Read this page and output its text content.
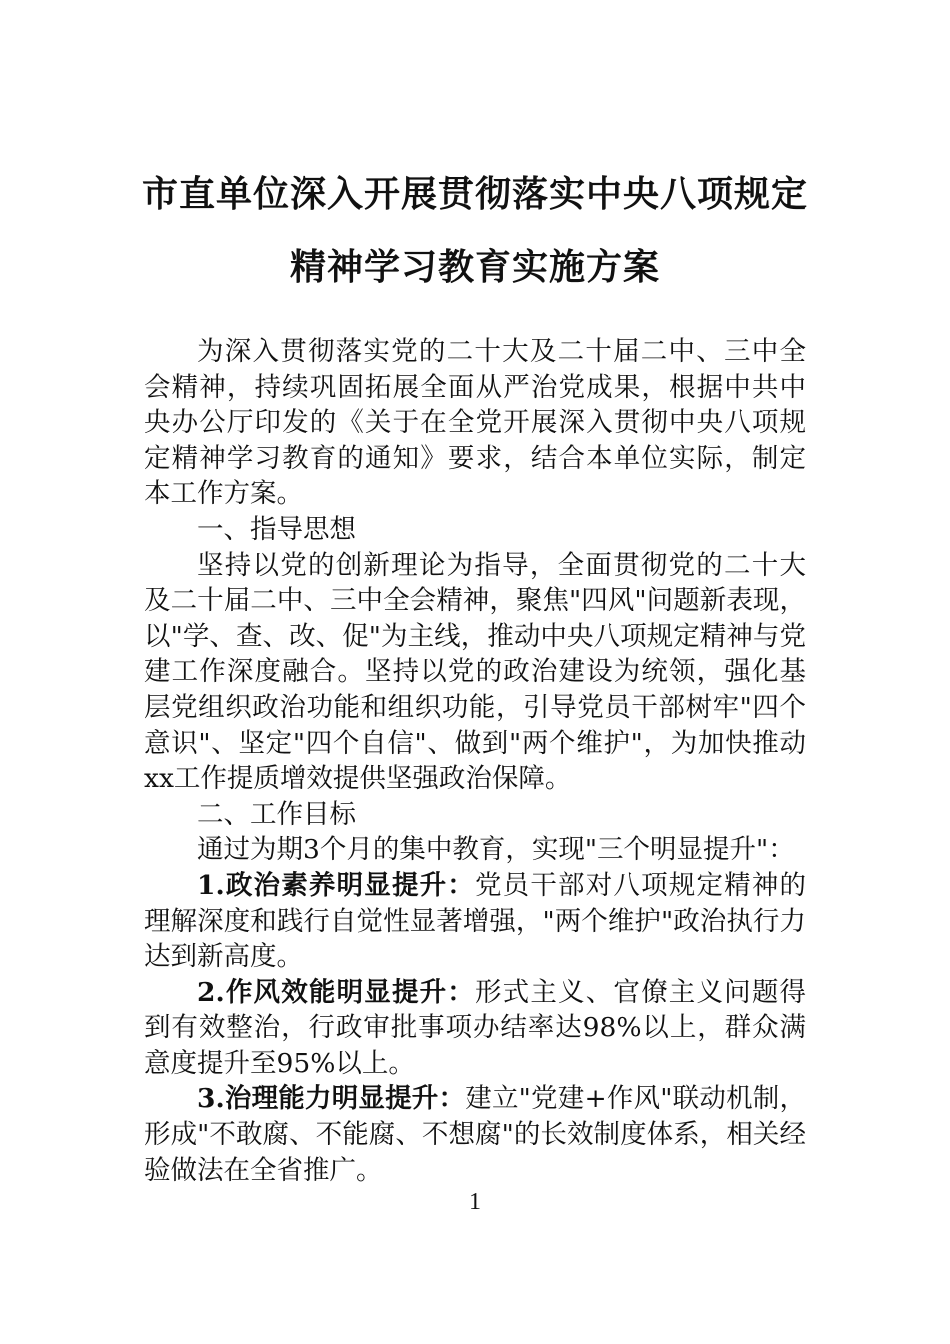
市直单位深入开展贯彻落实中央八项规定
精神学习教育实施方案

为深入贯彻落实党的二十大及二十届二中、三中全会精神，持续巩固拓展全面从严治党成果，根据中共中央办公厅印发的《关于在全党开展深入贯彻中央八项规定精神学习教育的通知》要求，结合本单位实际，制定本工作方案。

一、指导思想

坚持以党的创新理论为指导，全面贯彻党的二十大及二十届二中、三中全会精神，聚焦"四风"问题新表现，以"学、查、改、促"为主线，推动中央八项规定精神与党建工作深度融合。坚持以党的政治建设为统领，强化基层党组织政治功能和组织功能，引导党员干部树牢"四个意识"、坚定"四个自信"、做到"两个维护"，为加快推动xx工作提质增效提供坚强政治保障。

二、工作目标

通过为期3个月的集中教育，实现"三个明显提升"：

1.政治素养明显提升：党员干部对八项规定精神的理解深度和践行自觉性显著增强，"两个维护"政治执行力达到新高度。

2.作风效能明显提升：形式主义、官僚主义问题得到有效整治，行政审批事项办结率达98%以上，群众满意度提升至95%以上。

3.治理能力明显提升：建立"党建+作风"联动机制，形成"不敢腐、不能腐、不想腐"的长效制度体系，相关经验做法在全省推广。

1
